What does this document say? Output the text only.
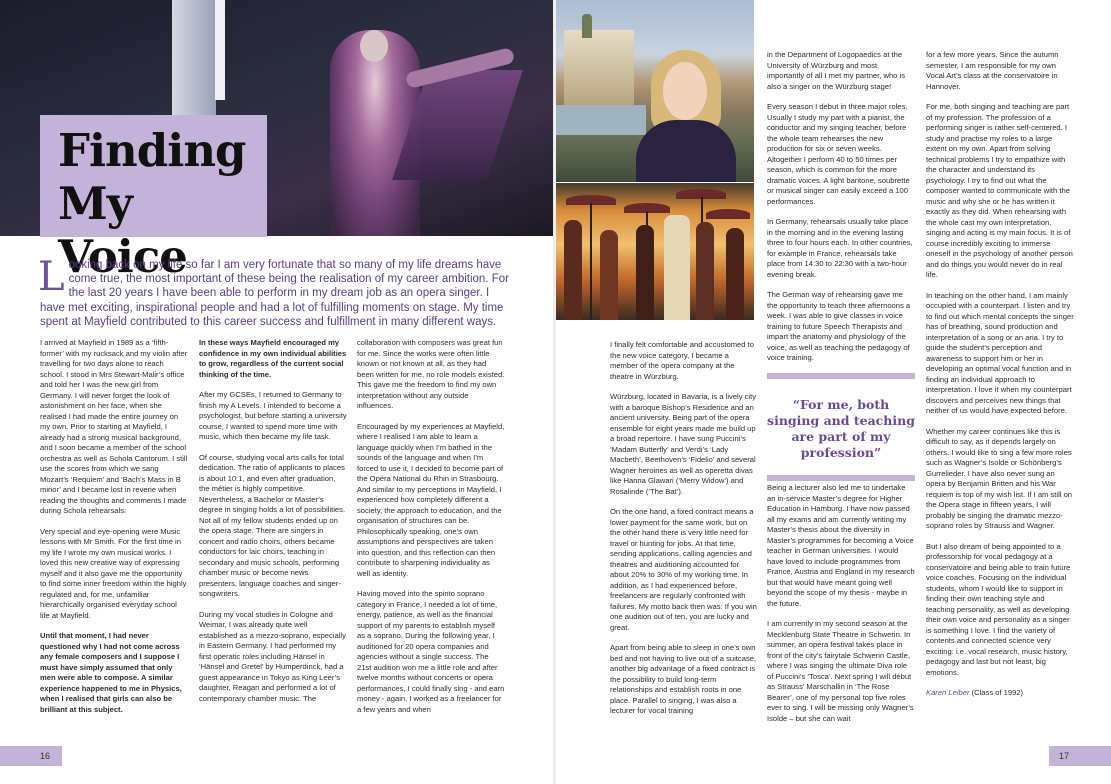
Finding
My Voice
Looking back on my life so far I am very fortunate that so many of my life dreams have come true, the most important of these being the realisation of my career ambition. For the last 20 years I have been able to perform in my dream job as an opera singer. I have met exciting, inspirational people and had a lot of fulfilling moments on stage. My time spent at Mayfield contributed to this career success and fulfillment in many different ways.

I arrived at Mayfield in 1989 as a ‘fifth-former’ with my rucksack and my violin after travelling for two days alone to reach school. I stood in Mrs Stewart-Malir’s office and told her I was the new girl from Germany. I will never forget the look of astonishment on her face, when she realised I had made the entire journey on my own. Prior to starting at Mayfield, I already had a strong musical background, and I soon became a member of the school orchestra as well as Schola Cantorum. I still use the scores from which we sang Mozart’s ‘Requiem’ and ‘Bach’s Mass in B minor’ and I became lost in reverie when reading the thoughts and comments I made during Schola rehearsals.

Very special and eye-opening were Music lessons with Mr Smith. For the first time in my life I wrote my own musical works. I loved this new creative way of expressing myself and it also gave me the opportunity to find some inner freedom within the highly regulated and, for me, unfamiliar hierarchically organised everyday school life at Mayfield.

Until that moment, I had never questioned why I had not come across any female composers and I suppose I must have simply assumed that only men were able to compose. A similar experience happened to me in Physics, when I realised that girls can also be brilliant at this subject.

In these ways Mayfield encouraged my confidence in my own individual abilities to grow, regardless of the current social thinking of the time.

After my GCSEs, I returned to Germany to finish my A Levels. I intended to become a psychologist, but before starting a university course, I wanted to spend more time with music, which then became my life task.

Of course, studying vocal arts calls for total dedication. The ratio of applicants to places is about 10:1, and even after graduation, the métier is highly competitive. Nevertheless, a Bachelor or Master’s degree in singing holds a lot of possibilities. Not all of my fellow students ended up on the opera stage. There are singers in concert and radio choirs, others became conductors for laic choirs, teaching in secondary and music schools, performing chamber music or become news presenters, language coaches and singer-songwriters.

During my vocal studies in Cologne and Weimar, I was already quite well established as a mezzo-soprano, especially in Eastern Germany. I had performed my first operatic roles including Hänsel in ‘Hänsel and Gretel’ by Humperdinck, had a guest appearance in Tokyo as King Leer’s daughter, Reagan and performed a lot of contemporary chamber music. The

collaboration with composers was great fun for me. Since the works were often little known or not known at all, as they had been written for me, no role models existed. This gave me the freedom to find my own interpretation without any outside influences.

Encouraged by my experiences at Mayfield, where I realised I am able to learn a language quickly when I’m bathed in the sounds of the language and when I’m forced to use it, I decided to become part of the Opéra National du Rhin in Strasbourg. And similar to my perceptions in Mayfield, I experienced how completely different a society, the approach to education, and the organisation of structures can be. Philosophically speaking, one’s own assumptions and perspectives are taken into question, and this reflection can then contribute to sharpening individuality as well as identity.

Having moved into the spinto soprano category in France, I needed a lot of time, energy, patience, as well as the financial support of my parents to establish myself as a soprano. During the following year, I auditioned for 20 opera companies and agencies without a single success. The 21st audition won me a little role and after twelve months without concerts or opera performances, I could finally sing - and earn money - again. I worked as a freelancer for a few years and when

16	17

I finally felt comfortable and accustomed to the new voice category, I became a member of the opera company at the theatre in Würzburg.

Würzburg, located in Bavaria, is a lively city with a baroque Bishop’s Residence and an ancient university. Being part of the opera ensemble for eight years made me build up a broad repertoire. I have sung Puccini’s ‘Madam Butterfly’ and Verdi’s ‘Lady Macbeth’, Beethoven’s ‘Fidelio’ and several Wagner heroines as well as operetta divas like Hanna Glawari (‘Merry Widow’) and Rosalinde (‘The Bat’).

On the one hand, a fixed contract means a lower payment for the same work, but on the other hand there is very little need for travel or hunting for jobs. At that time, sending applications, calling agencies and theatres and auditioning accounted for about 20% to 30% of my working time. In addition, as I had experienced before, freelancers are regularly confronted with failures. My motto back then was: If you win one audition out of ten, you are lucky and great.

Apart from being able to sleep in one’s own bed and not having to live out of a suitcase, another big advantage of a fixed contract is the possibility to build long-term relationships and establish roots in one place. Parallel to singing, I was also a lecturer for vocal training

in the Department of Logopaedics at the University of Würzburg and most importantly of all I met my partner, who is also a singer on the Würzburg stage!

Every season I debut in three major roles. Usually I study my part with a pianist, the conductor and my singing teacher, before the whole team rehearses the new production for six or seven weeks. Altogether I perform 40 to 50 times per season, which is common for the more dramatic voices. A light baritone, soubrette or musical singer can easily exceed a 100 performances.

In Germany, rehearsals usually take place in the morning and in the evening lasting three to four hours each. In other countries, for example in France, rehearsals take place from 14:30 to 22:30 with a two-hour evening break.

The German way of rehearsing gave me the opportunity to teach three afternoons a week. I was able to give classes in voice training to future Speech Therapists and impart the anatomy and physiology of the voice, as well as teaching the pedagogy of voice training.

“For me, both singing and teaching are part of my profession”

Being a lecturer also led me to undertake an in-service Master’s degree for Higher Education in Hamburg. I have now passed all my exams and am currently writing my Master’s thesis about the diversity in Master’s programmes for becoming a Voice teacher in German universities. I would have loved to include programmes from France, Austria and England in my research but that would have meant going well beyond the scope of my thesis - maybe in the future.

I am currently in my second season at the Mecklenburg State Theatre in Schwerin. In summer, an opera festival takes place in front of the city’s fairytale Schwerin Castle, where I was singing the ultimate Diva role of Puccini’s ‘Tosca’. Next spring I will début as Strauss’ Marschallin in ‘The Rose Bearer’, one of my personal top five roles ever to sing. I will be missing only Wagner’s Isolde – but she can wait

for a few more years. Since the autumn semester, I am responsible for my own Vocal Art’s class at the conservatoire in Hannover.

For me, both singing and teaching are part of my profession. The profession of a performing singer is rather self-centered. I study and practise my roles to a large extent on my own. Apart from solving technical problems I try to empathize with the character and understand its psychology. I try to find out what the composer wanted to communicate with the music and why she or he has written it exactly as they did. When rehearsing with the whole cast my own interpretation, singing and acting is my main focus. It is of course incredibly exciting to immerse oneself in the psychology of another person and do things you would never do in real life.

In teaching on the other hand, I am mainly occupied with a counterpart. I listen and try to find out which mental concepts the singer has of breathing, sound production and interpretation of a song or an aria. I try to guide the student’s perception and awareness to support him or her in developing an optimal vocal function and in finding an individual approach to interpretation. I love it when my counterpart discovers and perceives new things that neither of us would have expected before.

Whether my career continues like this is difficult to say, as it depends largely on others. I would like to sing a few more roles such as Wagner’s Isolde or Schönberg’s Gurrelieder. I have also never sung an opera by Benjamin Britten and his War requiem is top of my wish list. If I am still on the Opera stage in fifteen years, I will probably be singing the dramatic mezzo-soprano roles by Strauss and Wagner.

But I also dream of being appointed to a professorship for vocal pedagogy at a conservatoire and being able to train future voice coaches. Focusing on the individual students, whom I would like to support in finding their own teaching style and teaching personality, as well as developing their own voice and personality as a singer is something I love. I find the variety of contents and connected science very exciting: i.e. vocal research, music history, pedagogy and last but not least, big emotions.

Karen Leiber (Class of 1992)
